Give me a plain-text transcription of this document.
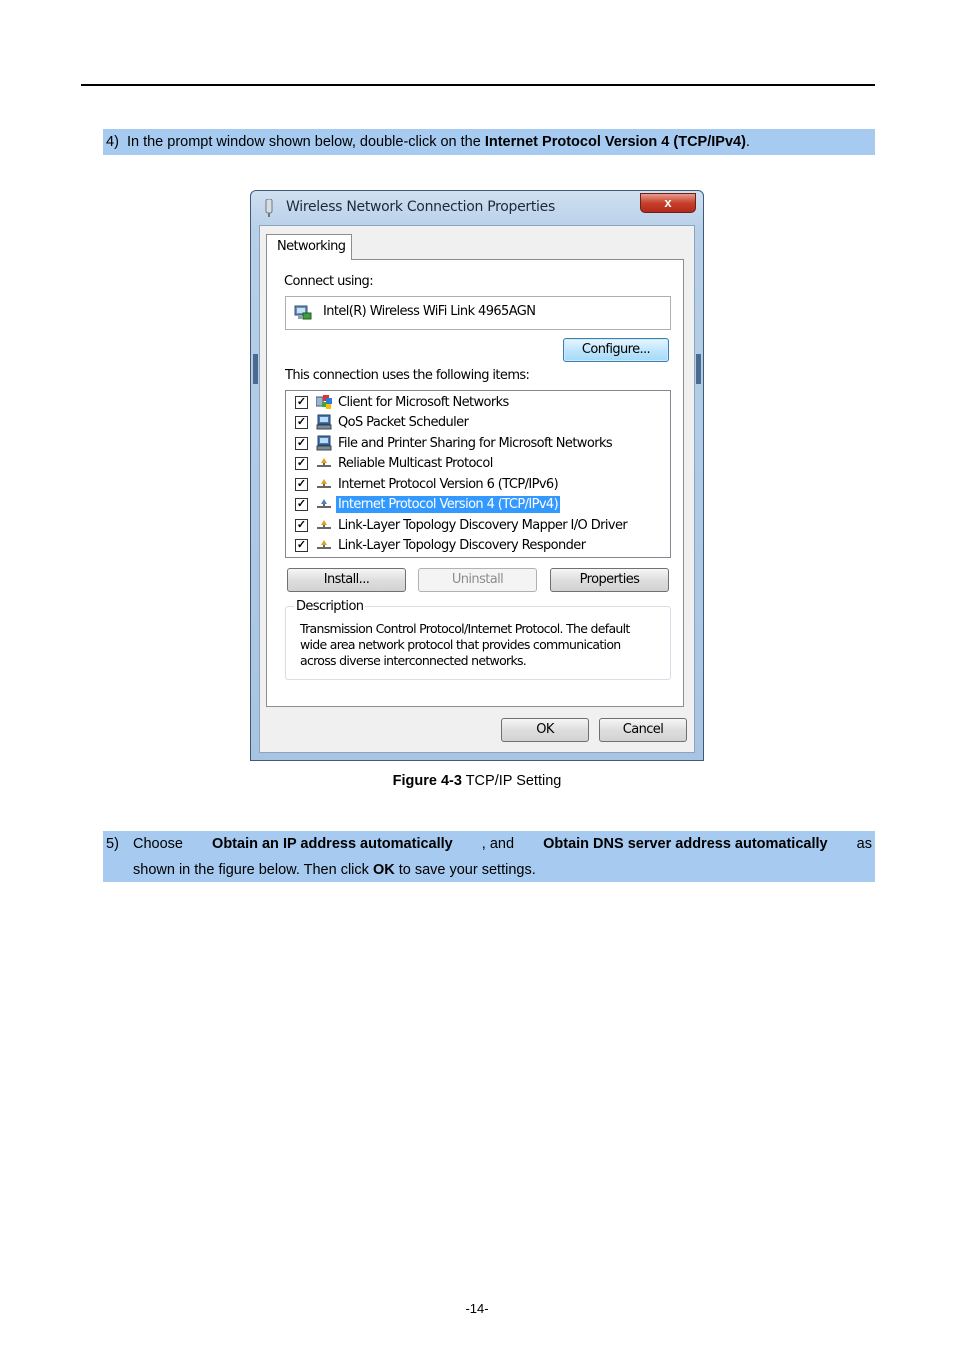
4) In the prompt window shown below, double-click on the Internet Protocol Version 4 (TCP/IPv4).
Wireless Network Connection Properties	x
Networking
Connect using:
Intel(R) Wireless WiFi Link 4965AGN
Configure...
This connection uses the following items:
✓ Client for Microsoft Networks
✓ QoS Packet Scheduler
✓ File and Printer Sharing for Microsoft Networks
✓ Reliable Multicast Protocol
✓ Internet Protocol Version 6 (TCP/IPv6)
✓ Internet Protocol Version 4 (TCP/IPv4)
✓ Link-Layer Topology Discovery Mapper I/O Driver
✓ Link-Layer Topology Discovery Responder
Install...	Uninstall	Properties
Description
Transmission Control Protocol/Internet Protocol. The default
wide area network protocol that provides communication
across diverse interconnected networks.
OK	Cancel
Figure 4-3 TCP/IP Setting
5) Choose Obtain an IP address automatically , and Obtain DNS server address automatically as
shown in the figure below. Then click OK to save your settings.
-14-
